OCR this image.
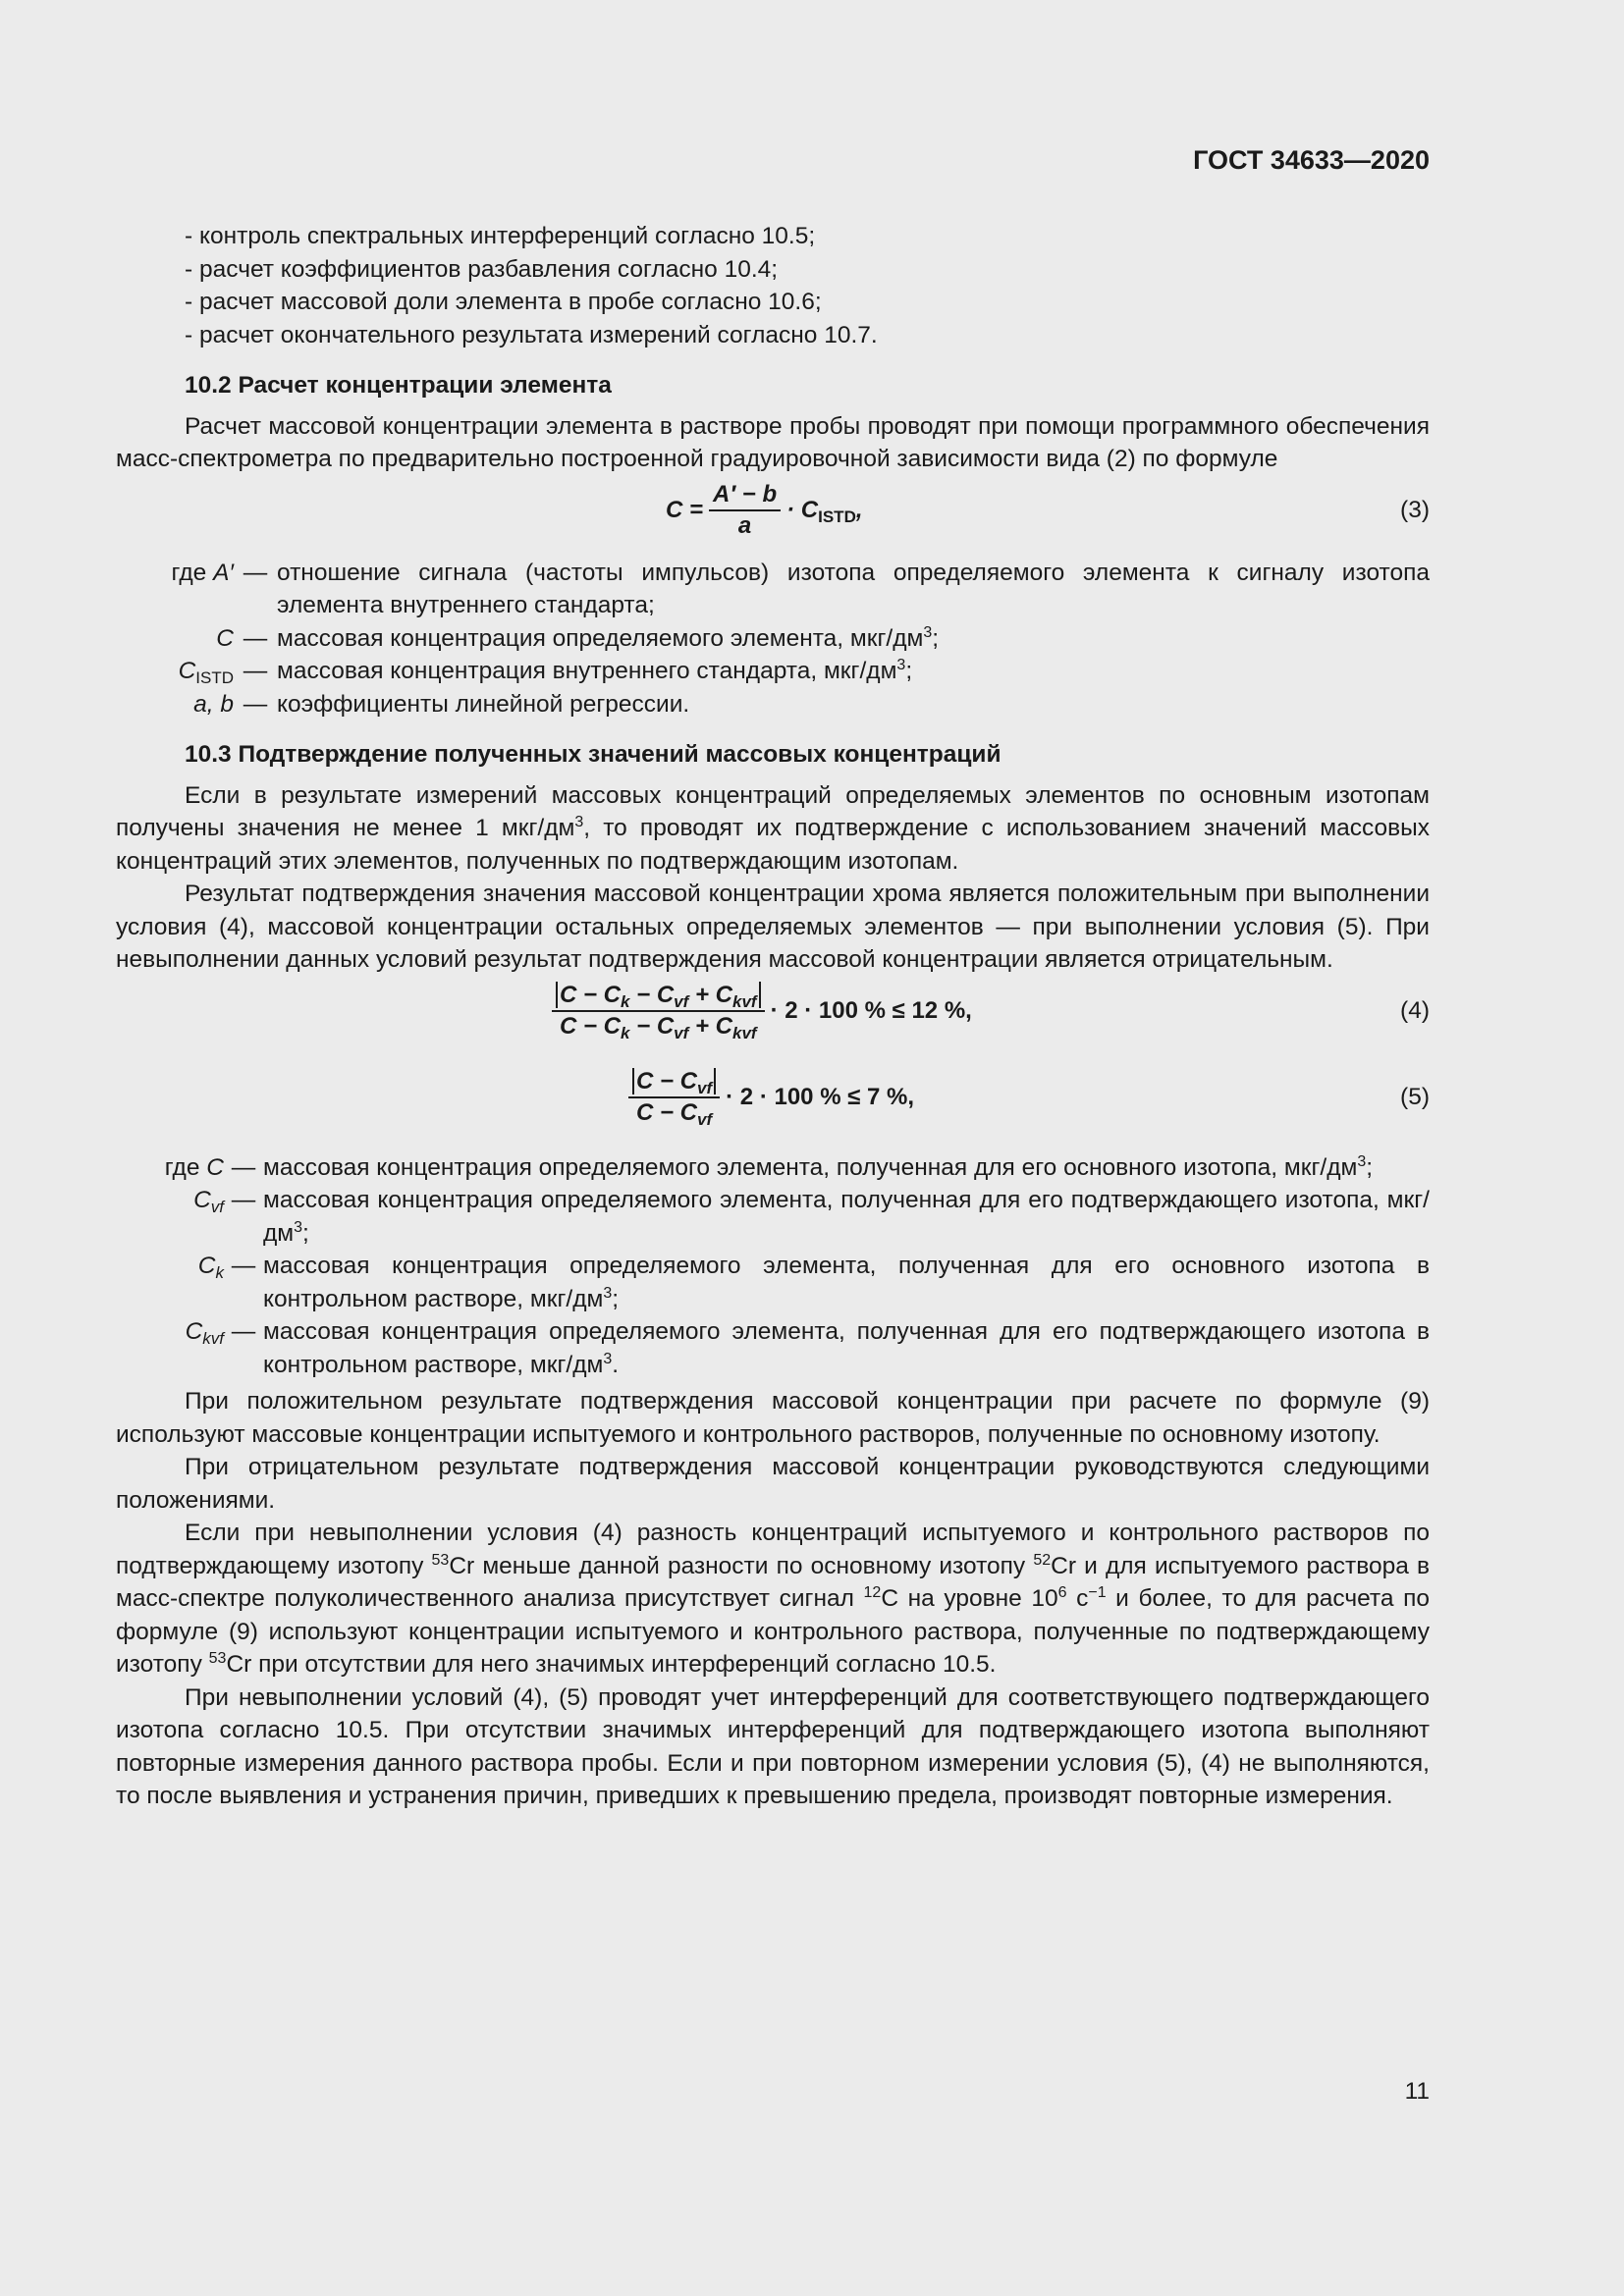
ГОСТ 34633—2020
- контроль спектральных интерференций согласно 10.5;
- расчет коэффициентов разбавления согласно 10.4;
- расчет массовой доли элемента в пробе согласно 10.6;
- расчет окончательного результата измерений согласно 10.7.
10.2 Расчет концентрации элемента

Расчет массовой концентрации элемента в растворе пробы проводят при помощи программного обеспечения масс-спектрометра по предварительно построенной градуировочной зависимости вида (2) по формуле

$C = \frac{A' - b}{a} \cdot C_{ISTD}$,	(3)
где A′ — отношение сигнала (частоты импульсов) изотопа определяемого элемента к сигналу изотопа элемента внутреннего стандарта;
C — массовая концентрация определяемого элемента, мкг/$дм^3$;
$C_{ISTD}$ — массовая концентрация внутреннего стандарта, мкг/$дм^3$;
a, b — коэффициенты линейной регрессии.
10.3 Подтверждение полученных значений массовых концентраций

Если в результате измерений массовых концентраций определяемых элементов по основным изотопам получены значения не менее 1 мкг/$дм^3$, то проводят их подтверждение с использованием значений массовых концентраций этих элементов, полученных по подтверждающим изотопам.

Результат подтверждения значения массовой концентрации хрома является положительным при выполнении условия (4), массовой концентрации остальных определяемых элементов — при выполнении условия (5). При невыполнении данных условий результат подтверждения массовой концентрации является отрицательным.

$\frac{C - C_k - C_{vf} + C_{kvf}}{C - C_k - C_{vf} + C_{kvf}} \cdot 2 \cdot 100$ % ≤ 12 %,	(4)
$\frac{C - C_{vf}}{C - C_{vf}} \cdot 2 \cdot 100$ % ≤ 7 %,	(5)
где C — массовая концентрация определяемого элемента, полученная для его основного изотопа, мкг/$дм^3$;
$C_{vf}$ — массовая концентрация определяемого элемента, полученная для его подтверждающего изотопа, мкг/$дм^3$;
$C_k$ — массовая концентрация определяемого элемента, полученная для его основного изотопа в контрольном растворе, мкг/$дм^3$;
$C_{kvf}$ — массовая концентрация определяемого элемента, полученная для его подтверждающего изотопа в контрольном растворе, мкг/$дм^3$.

При положительном результате подтверждения массовой концентрации при расчете по формуле (9) используют массовые концентрации испытуемого и контрольного растворов, полученные по основному изотопу.

При отрицательном результате подтверждения массовой концентрации руководствуются следующими положениями.

Если при невыполнении условия (4) разность концентраций испытуемого и контрольного растворов по подтверждающему изотопу $^{53}$Cr меньше данной разности по основному изотопу $^{52}$Cr и для испытуемого раствора в масс-спектре полуколичественного анализа присутствует сигнал $^{12}$C на уровне $10^6$ $с^{-1}$ и более, то для расчета по формуле (9) используют концентрации испытуемого и контрольного раствора, полученные по подтверждающему изотопу $^{53}$Cr при отсутствии для него значимых интерференций согласно 10.5.

При невыполнении условий (4), (5) проводят учет интерференций для соответствующего подтверждающего изотопа согласно 10.5. При отсутствии значимых интерференций для подтверждающего изотопа выполняют повторные измерения данного раствора пробы. Если и при повторном измерении условия (5), (4) не выполняются, то после выявления и устранения причин, приведших к превышению предела, производят повторные измерения.

11
